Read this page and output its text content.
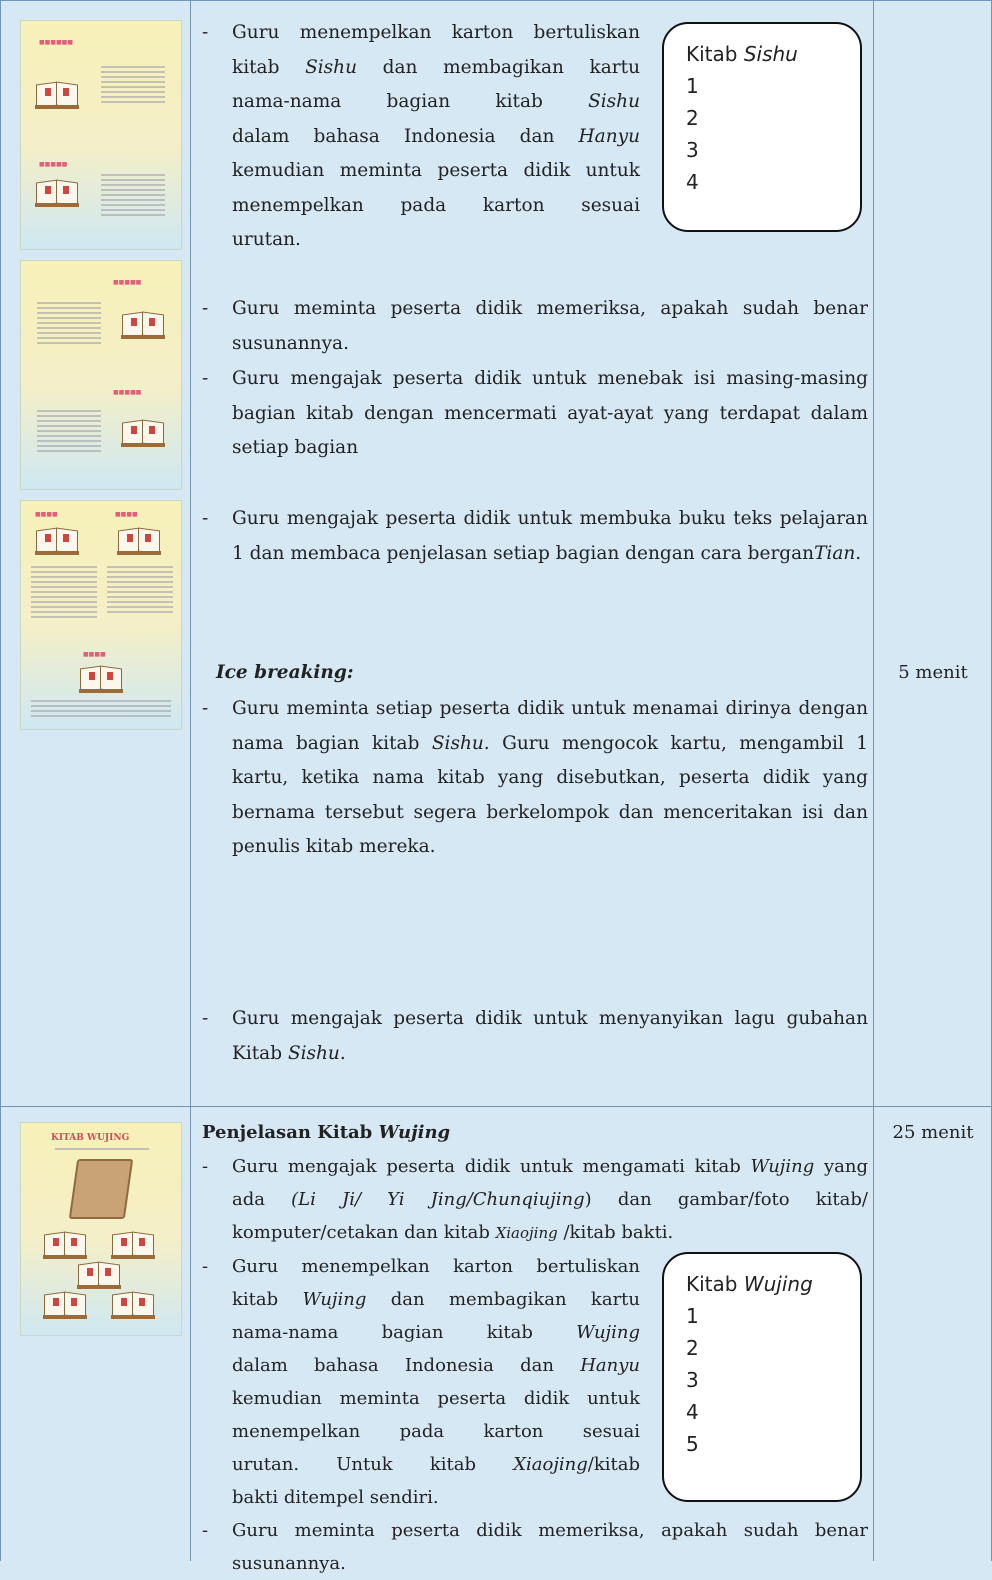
■■■■■■
■■■■■
■■■■■
■■■■■
■■■■	■■■■
■■■■
- Guru menempelkan karton bertuliskan
kitab Sishu dan membagikan kartu
nama-nama bagian kitab Sishu
dalam bahasa Indonesia dan Hanyu
kemudian meminta peserta didik untuk
menempelkan pada karton sesuai
urutan.
Kitab Sishu
1
2
3
4
- Guru meminta peserta didik memeriksa, apakah sudah benar susunannya.
- Guru mengajak peserta didik untuk menebak isi masing-masing bagian kitab dengan mencermati ayat-ayat yang terdapat dalam setiap bagian
- Guru mengajak peserta didik untuk membuka buku teks pelajaran 1 dan membaca penjelasan setiap bagian dengan cara berganTian.
Ice breaking:
- Guru meminta setiap peserta didik untuk menamai dirinya dengan nama bagian kitab Sishu. Guru mengocok kartu, mengambil 1 kartu, ketika nama kitab yang disebutkan, peserta didik yang bernama tersebut segera berkelompok dan menceritakan isi dan penulis kitab mereka.
- Guru mengajak peserta didik untuk menyanyikan lagu gubahan Kitab Sishu.
5 menit
KITAB WUJING	Penjelasan Kitab Wujing
- Guru mengajak peserta didik untuk mengamati kitab Wujing yang ada (Li Ji/ Yi Jing/Chunqiujing) dan gambar/foto kitab/ komputer/cetakan dan kitab Xiaojing /kitab bakti.
- Guru menempelkan karton bertuliskan
kitab Wujing dan membagikan kartu
nama-nama bagian kitab Wujing
dalam bahasa Indonesia dan Hanyu
kemudian meminta peserta didik untuk
menempelkan pada karton sesuai
urutan. Untuk kitab Xiaojing/kitab
bakti ditempel sendiri.
Kitab Wujing
1
2
3
4
5
- Guru meminta peserta didik memeriksa, apakah sudah benar susunannya.
25 menit
